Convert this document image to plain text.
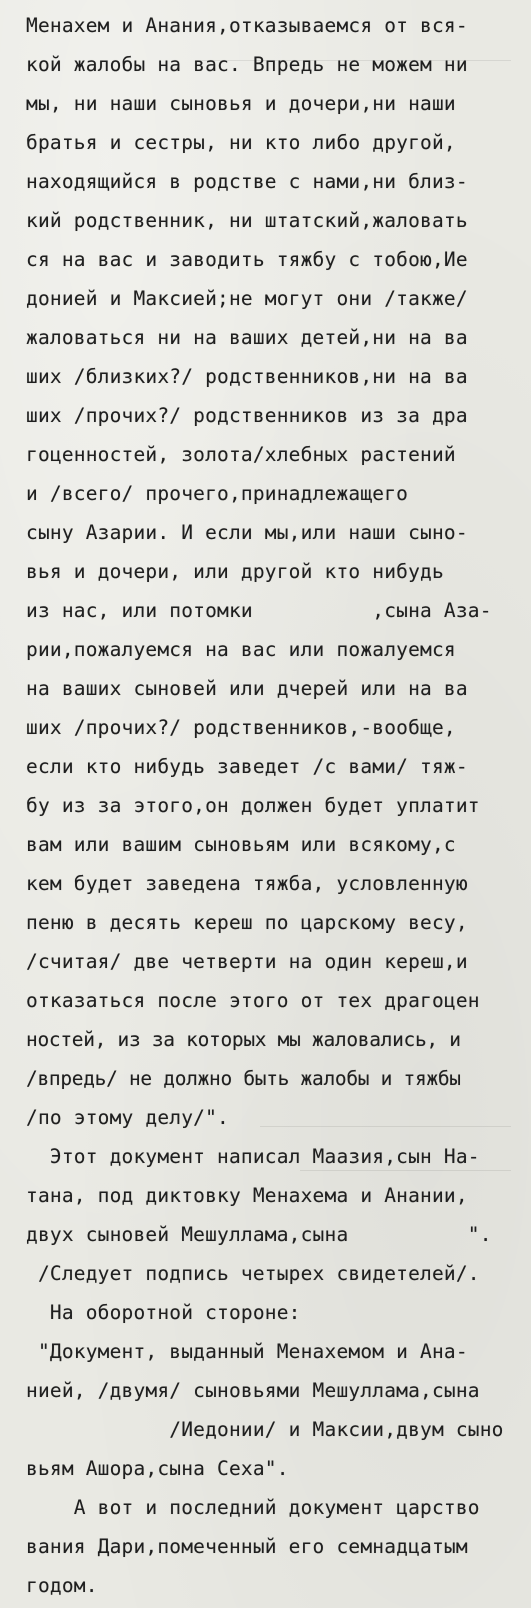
Менахем и Анания,отказываемся от вся-
кой жалобы на вас. Впредь не можем ни
мы, ни наши сыновья и дочери,ни наши
братья и сестры, ни кто либо другой,
находящийся в родстве с нами,ни близ-
кий родственник, ни штатский,жаловать
ся на вас и заводить тяжбу с тобою,Ие
донией и Максией;не могут они /также/
жаловаться ни на ваших детей,ни на ва
ших /близких?/ родственников,ни на ва
ших /прочих?/ родственников из за дра
гоценностей, золота/хлебных растений
и /всего/ прочего,принадлежащего
сыну Азарии. И если мы,или наши сыно-
вья и дочери, или другой кто нибудь
из нас, или потомки          ,сына Аза-
рии,пожалуемся на вас или пожалуемся
на ваших сыновей или дчерей или на ва
ших /прочих?/ родственников,-вообще,
если кто нибудь заведет /с вами/ тяж-
бу из за этого,он должен будет уплатит
вам или вашим сыновьям или всякому,с
кем будет заведена тяжба, условленную
пеню в десять кереш по царскому весу,
/считая/ две четверти на один кереш,и
отказаться после этого от тех драгоцен
ностей, из за которых мы жаловались, и
/впредь/ не должно быть жалобы и тяжбы
/по этому делу/".
Этот документ написал Маазия,сын На-
тана, под диктовку Менахема и Анании,
двух сыновей Мешуллама,сына          ".
/Следует подпись четырех свидетелей/.
На оборотной стороне:
"Документ, выданный Менахемом и Ана-
нией, /двумя/ сыновьями Мешуллама,сына
/Иедонии/ и Максии,двум сыно
вьям Ашора,сына Сеха".
А вот и последний документ царство
вания Дари,помеченный его семнадцатым
годом.
